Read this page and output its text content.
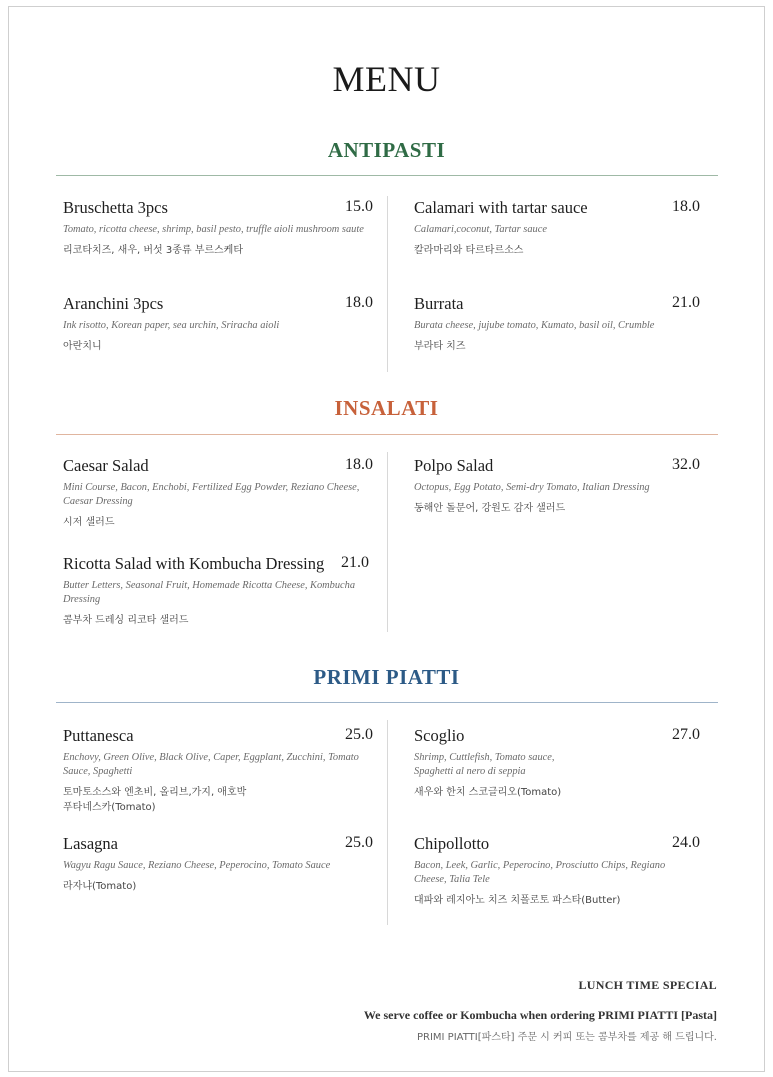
MENU
ANTIPASTI
Bruschetta 3pcs	15.0
Tomato, ricotta cheese, shrimp, basil pesto, truffle aioli mushroom saute
리코타치즈, 새우, 버섯 3종류 부르스케타
Calamari with tartar sauce	18.0
Calamari,coconut, Tartar sauce
칼라마리와 타르타르소스
Aranchini 3pcs	18.0
Ink risotto, Korean paper, sea urchin, Sriracha aioli
아란치니
Burrata	21.0
Burata cheese, jujube tomato, Kumato, basil oil, Crumble
부라타 치즈
INSALATI
Caesar Salad	18.0
Mini Course, Bacon, Enchobi, Fertilized Egg Powder, Reziano Cheese, Caesar Dressing
시저 샐러드
Polpo Salad	32.0
Octopus, Egg Potato, Semi-dry Tomato, Italian Dressing
동해안 돌문어, 강원도 감자 샐러드
Ricotta Salad with Kombucha Dressing 21.0
Butter Letters, Seasonal Fruit, Homemade Ricotta Cheese, Kombucha Dressing
콤부차 드레싱 리코타 샐러드
PRIMI PIATTI
Puttanesca	25.0
Enchovy, Green Olive, Black Olive, Caper, Eggplant, Zucchini, Tomato Sauce, Spaghetti
토마토소스와 엔초비, 올리브,가지, 애호박 푸타네스카(Tomato)
Scoglio	27.0
Shrimp, Cuttlefish, Tomato sauce, Spaghetti al nero di seppia
새우와 한치 스코글리오(Tomato)
Lasagna	25.0
Wagyu Ragu Sauce, Reziano Cheese, Peperocino, Tomato Sauce
라자냐(Tomato)
Chipollotto	24.0
Bacon, Leek, Garlic, Peperocino, Prosciutto Chips, Regiano Cheese, Talia Tele
대파와 레지아노 치즈 치폴로토 파스타(Butter)
LUNCH TIME SPECIAL
We serve coffee or Kombucha when ordering PRIMI PIATTI [Pasta]
PRIMI PIATTI[파스타] 주문 시 커피 또는 콤부차를 제공 해 드립니다.
